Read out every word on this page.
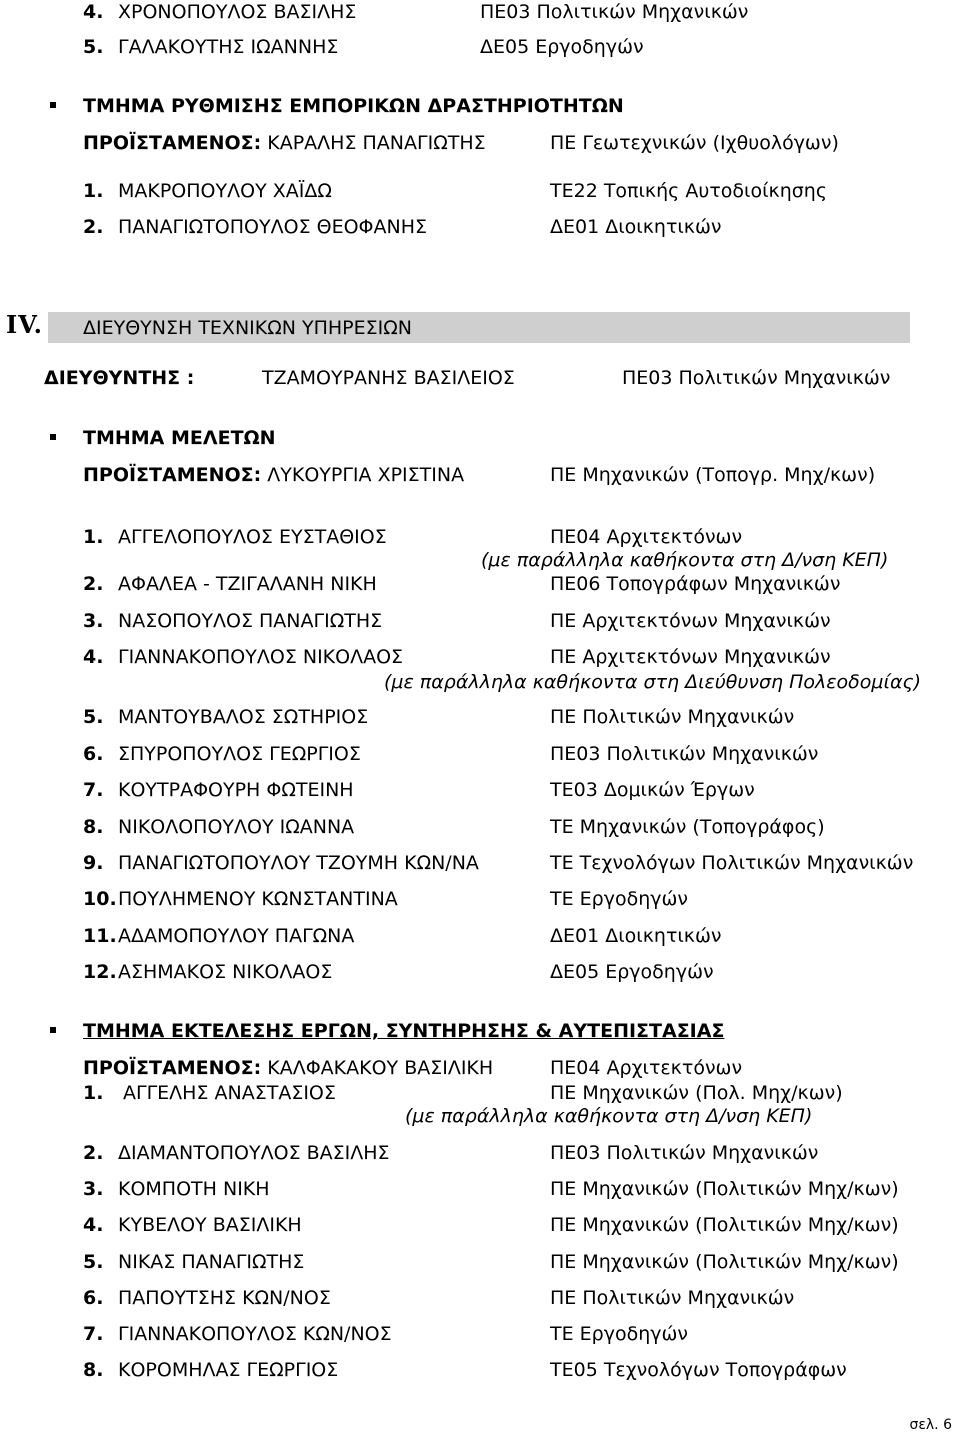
4. ΧΡΟΝΟΠΟΥΛΟΣ ΒΑΣΙΛΗΣ	ΠΕ03 Πολιτικών Μηχανικών
5. ΓΑΛΑΚΟΥΤΗΣ ΙΩΑΝΝΗΣ	ΔΕ05 Εργοδηγών
ΤΜΗΜΑ ΡΥΘΜΙΣΗΣ ΕΜΠΟΡΙΚΩΝ ΔΡΑΣΤΗΡΙΟΤΗΤΩΝ
ΠΡΟΪΣΤΑΜΕΝΟΣ: ΚΑΡΑΛΗΣ ΠΑΝΑΓΙΩΤΗΣ	ΠΕ Γεωτεχνικών (Ιχθυολόγων)
1. ΜΑΚΡΟΠΟΥΛΟΥ ΧΑΪΔΩ	ΤΕ22 Τοπικής Αυτοδιοίκησης
2. ΠΑΝΑΓΙΩΤΟΠΟΥΛΟΣ ΘΕΟΦΑΝΗΣ	ΔΕ01 Διοικητικών
IV. ΔΙΕΥΘΥΝΣΗ ΤΕΧΝΙΚΩΝ ΥΠΗΡΕΣΙΩΝ
ΔΙΕΥΘΥΝΤΗΣ :	ΤΖΑΜΟΥΡΑΝΗΣ ΒΑΣΙΛΕΙΟΣ	ΠΕ03 Πολιτικών Μηχανικών
ΤΜΗΜΑ ΜΕΛΕΤΩΝ
ΠΡΟΪΣΤΑΜΕΝΟΣ: ΛΥΚΟΥΡΓΙΑ ΧΡΙΣΤΙΝΑ	ΠΕ Μηχανικών (Τοπογρ. Μηχ/κων)
1. ΑΓΓΕΛΟΠΟΥΛΟΣ ΕΥΣΤΑΘΙΟΣ	ΠΕ04 Αρχιτεκτόνων
(με παράλληλα καθήκοντα στη Δ/νση ΚΕΠ)
2. ΑΦΑΛΕΑ - ΤΖΙΓΑΛΑΝΗ ΝΙΚΗ	ΠΕ06 Τοπογράφων Μηχανικών
3. ΝΑΣΟΠΟΥΛΟΣ ΠΑΝΑΓΙΩΤΗΣ	ΠΕ Αρχιτεκτόνων Μηχανικών
4. ΓΙΑΝΝΑΚΟΠΟΥΛΟΣ ΝΙΚΟΛΑΟΣ	ΠΕ Αρχιτεκτόνων Μηχανικών
(με παράλληλα καθήκοντα στη Διεύθυνση Πολεοδομίας)
5. ΜΑΝΤΟΥΒΑΛΟΣ ΣΩΤΗΡΙΟΣ	ΠΕ Πολιτικών Μηχανικών
6. ΣΠΥΡΟΠΟΥΛΟΣ ΓΕΩΡΓΙΟΣ	ΠΕ03 Πολιτικών Μηχανικών
7. ΚΟΥΤΡΑΦΟΥΡΗ ΦΩΤΕΙΝΗ	ΤΕ03 Δομικών Έργων
8. ΝΙΚΟΛΟΠΟΥΛΟΥ ΙΩΑΝΝΑ	ΤΕ Μηχανικών (Τοπογράφος)
9. ΠΑΝΑΓΙΩΤΟΠΟΥΛΟΥ ΤΖΟΥΜΗ ΚΩΝ/ΝΑ	ΤΕ Τεχνολόγων Πολιτικών Μηχανικών
10. ΠΟΥΛΗΜΕΝΟΥ ΚΩΝΣΤΑΝΤΙΝΑ	ΤΕ Εργοδηγών
11. ΑΔΑΜΟΠΟΥΛΟΥ ΠΑΓΩΝΑ	ΔΕ01 Διοικητικών
12. ΑΣΗΜΑΚΟΣ ΝΙΚΟΛΑΟΣ	ΔΕ05 Εργοδηγών
ΤΜΗΜΑ ΕΚΤΕΛΕΣΗΣ ΕΡΓΩΝ, ΣΥΝΤΗΡΗΣΗΣ & ΑΥΤΕΠΙΣΤΑΣΙΑΣ
ΠΡΟΪΣΤΑΜΕΝΟΣ: ΚΑΛΦΑΚΑΚΟΥ ΒΑΣΙΛΙΚΗ	ΠΕ04 Αρχιτεκτόνων
1. ΑΓΓΕΛΗΣ ΑΝΑΣΤΑΣΙΟΣ	ΠΕ Μηχανικών (Πολ. Μηχ/κων)
(με παράλληλα καθήκοντα στη Δ/νση ΚΕΠ)
2. ΔΙΑΜΑΝΤΟΠΟΥΛΟΣ ΒΑΣΙΛΗΣ	ΠΕ03 Πολιτικών Μηχανικών
3. ΚΟΜΠΟΤΗ ΝΙΚΗ	ΠΕ Μηχανικών (Πολιτικών Μηχ/κων)
4. ΚΥΒΕΛΟΥ ΒΑΣΙΛΙΚΗ	ΠΕ Μηχανικών (Πολιτικών Μηχ/κων)
5. ΝΙΚΑΣ ΠΑΝΑΓΙΩΤΗΣ	ΠΕ Μηχανικών (Πολιτικών Μηχ/κων)
6. ΠΑΠΟΥΤΣΗΣ ΚΩΝ/ΝΟΣ	ΠΕ Πολιτικών Μηχανικών
7. ΓΙΑΝΝΑΚΟΠΟΥΛΟΣ ΚΩΝ/ΝΟΣ	ΤΕ Εργοδηγών
8. ΚΟΡΟΜΗΛΑΣ ΓΕΩΡΓΙΟΣ	ΤΕ05 Τεχνολόγων Τοπογράφων
σελ. 6
